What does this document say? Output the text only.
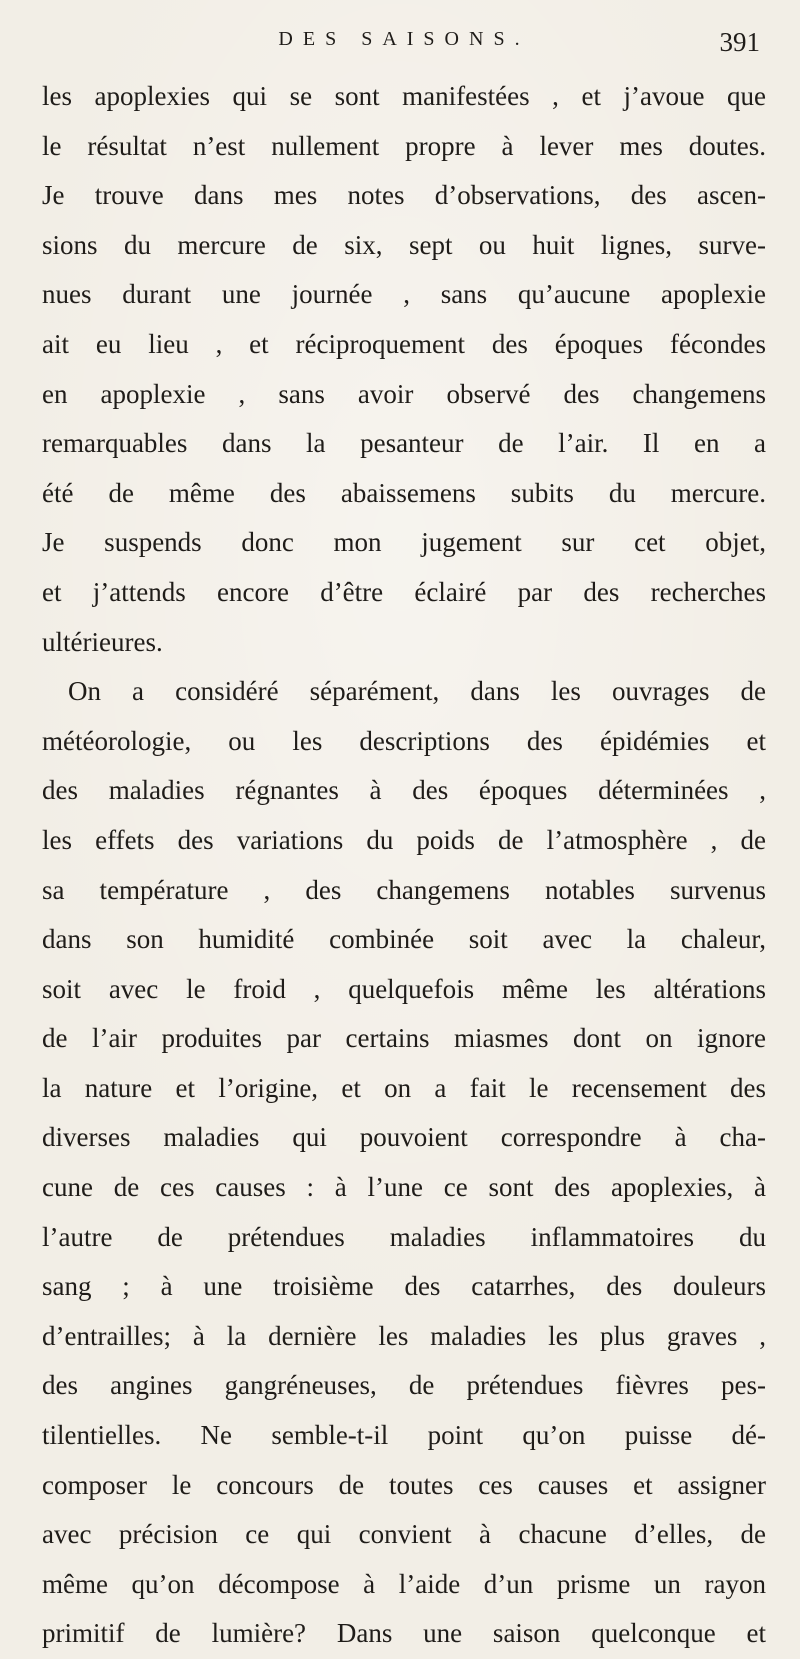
DES SAISONS.	391
les apoplexies qui se sont manifestées , et j’avoue que
le résultat n’est nullement propre à lever mes doutes.
Je trouve dans mes notes d’observations, des ascen-
sions du mercure de six, sept ou huit lignes, surve-
nues durant une journée , sans qu’aucune apoplexie
ait eu lieu , et réciproquement des époques fécondes
en apoplexie , sans avoir observé des changemens
remarquables dans la pesanteur de l’air. Il en a
été de même des abaissemens subits du mercure.
Je suspends donc mon jugement sur cet objet,
et j’attends encore d’être éclairé par des recherches
ultérieures.
On a considéré séparément, dans les ouvrages de
météorologie, ou les descriptions des épidémies et
des maladies régnantes à des époques déterminées ,
les effets des variations du poids de l’atmosphère , de
sa température , des changemens notables survenus
dans son humidité combinée soit avec la chaleur,
soit avec le froid , quelquefois même les altérations
de l’air produites par certains miasmes dont on ignore
la nature et l’origine, et on a fait le recensement des
diverses maladies qui pouvoient correspondre à cha-
cune de ces causes : à l’une ce sont des apoplexies, à
l’autre de prétendues maladies inflammatoires du
sang ; à une troisième des catarrhes, des douleurs
d’entrailles; à la dernière les maladies les plus graves ,
des angines gangréneuses, de prétendues fièvres pes-
tilentielles. Ne semble-t-il point qu’on puisse dé-
composer le concours de toutes ces causes et assigner
avec précision ce qui convient à chacune d’elles, de
même qu’on décompose à l’aide d’un prisme un rayon
primitif de lumière? Dans une saison quelconque et
